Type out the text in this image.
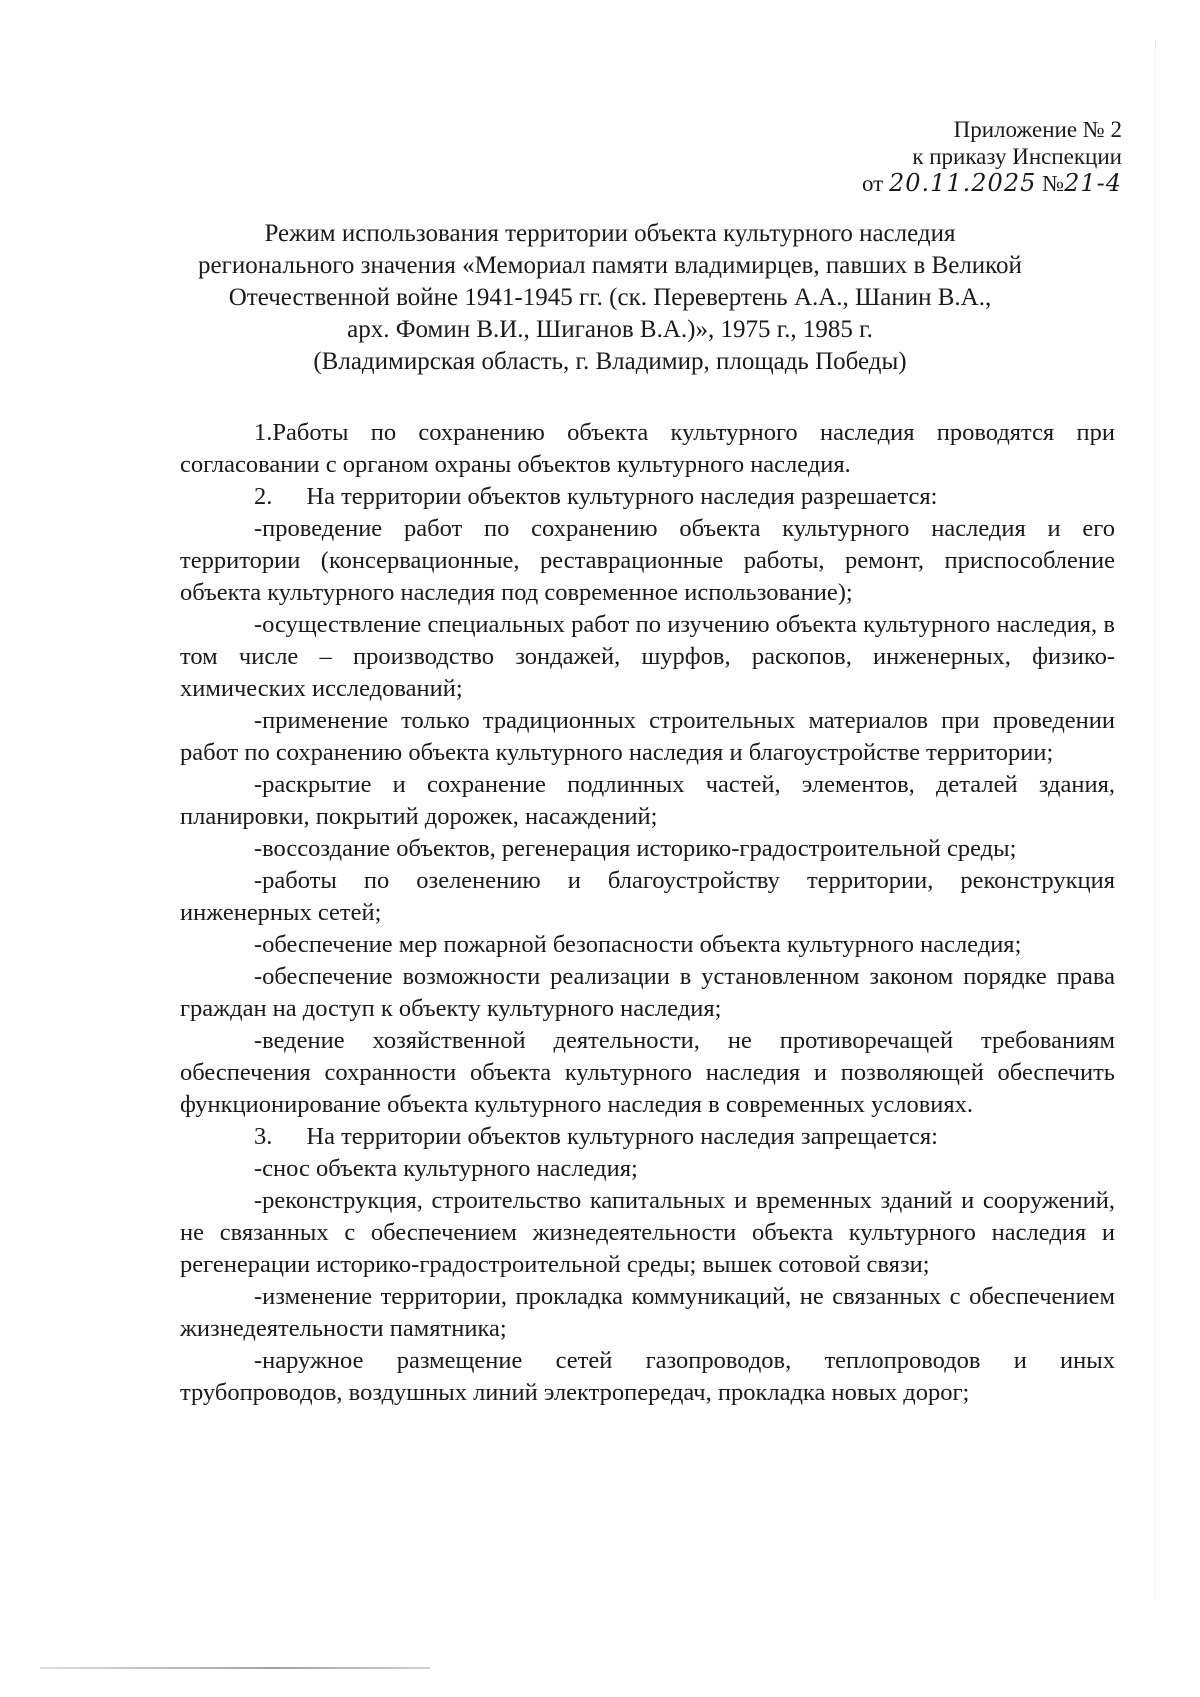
Приложение № 2
к приказу Инспекции
от 20.11.2025 №21-4
Режим использования территории объекта культурного наследия
регионального значения «Мемориал памяти владимирцев, павших в Великой
Отечественной войне 1941-1945 гг. (ск. Перевертень А.А., Шанин В.А.,
арх. Фомин В.И., Шиганов В.А.)», 1975 г., 1985 г.
(Владимирская область, г. Владимир, площадь Победы)

1.Работы по сохранению объекта культурного наследия проводятся при согласовании с органом охраны объектов культурного наследия.

2. На территории объектов культурного наследия разрешается:

-проведение работ по сохранению объекта культурного наследия и его территории (консервационные, реставрационные работы, ремонт, приспособление объекта культурного наследия под современное использование);

-осуществление специальных работ по изучению объекта культурного наследия, в том числе – производство зондажей, шурфов, раскопов, инженерных, физико-химических исследований;

-применение только традиционных строительных материалов при проведении работ по сохранению объекта культурного наследия и благоустройстве территории;

-раскрытие и сохранение подлинных частей, элементов, деталей здания, планировки, покрытий дорожек, насаждений;

-воссоздание объектов, регенерация историко-градостроительной среды;

-работы по озеленению и благоустройству территории, реконструкция инженерных сетей;

-обеспечение мер пожарной безопасности объекта культурного наследия;

-обеспечение возможности реализации в установленном законом порядке права граждан на доступ к объекту культурного наследия;

-ведение хозяйственной деятельности, не противоречащей требованиям обеспечения сохранности объекта культурного наследия и позволяющей обеспечить функционирование объекта культурного наследия в современных условиях.

3. На территории объектов культурного наследия запрещается:

-снос объекта культурного наследия;

-реконструкция, строительство капитальных и временных зданий и сооружений, не связанных с обеспечением жизнедеятельности объекта культурного наследия и регенерации историко-градостроительной среды; вышек сотовой связи;

-изменение территории, прокладка коммуникаций, не связанных с обеспечением жизнедеятельности памятника;

-наружное размещение сетей газопроводов, теплопроводов и иных трубопроводов, воздушных линий электропередач, прокладка новых дорог;
